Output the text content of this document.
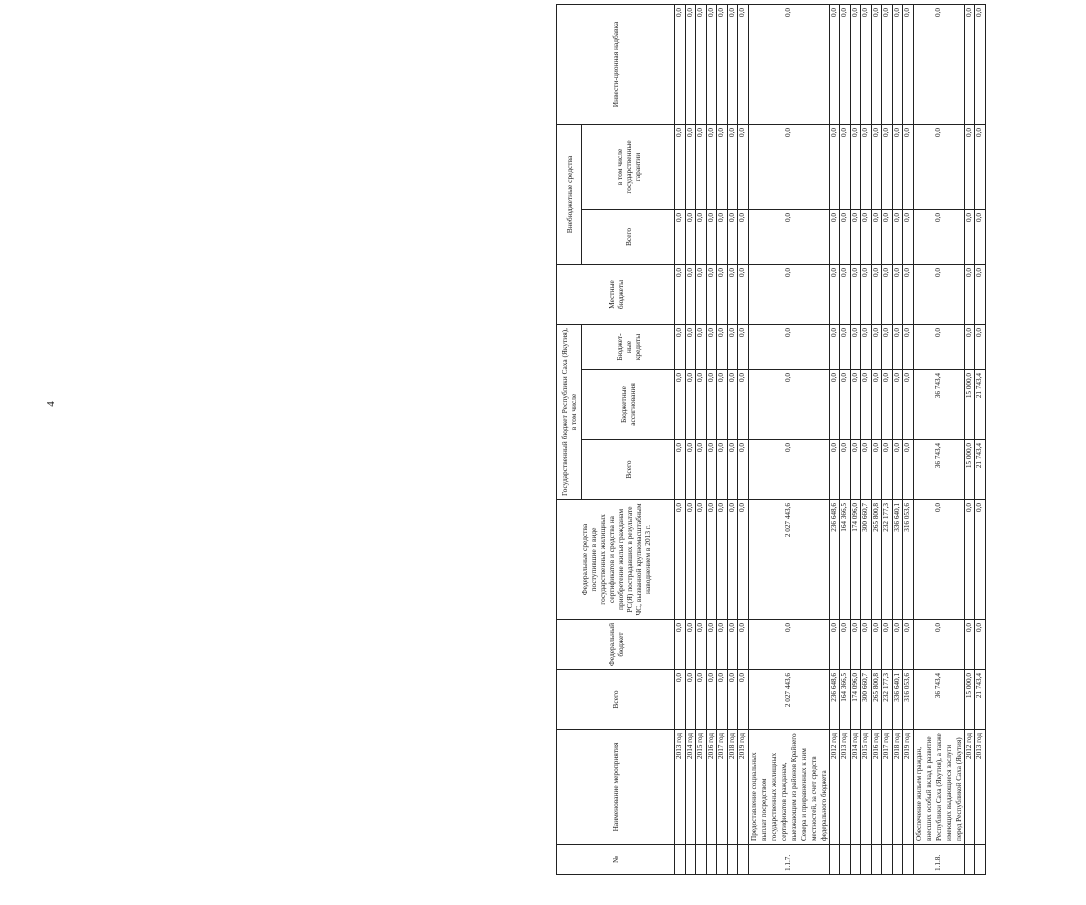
4
№	Наименование мероприятия	Всего	Федеральный бюджет	Федеральные средства поступившие в виде государственных жилищных сертификатов и средства на приобретение жилья гражданам РС(Я) пострадавших в результате ЧС, вызванной крупномасштабным наводнением в 2013 г.	Государственный бюджет Республики Саха (Якутия), в том числе			Местные бюджеты	Внебюджетные средства		Инвести-ционная надбавка
					Всего	Бюджетные ассигнования	Бюджет-ные кредиты		Всего	в том числе государственные гарантии	

	2013 год	0,0	0,0	0,0	0,0	0,0	0,0	0,0	0,0	0,0	0,0
	2014 год	0,0	0,0	0,0	0,0	0,0	0,0	0,0	0,0	0,0	0,0
	2015 год	0,0	0,0	0,0	0,0	0,0	0,0	0,0	0,0	0,0	0,0
	2016 год	0,0	0,0	0,0	0,0	0,0	0,0	0,0	0,0	0,0	0,0
	2017 год	0,0	0,0	0,0	0,0	0,0	0,0	0,0	0,0	0,0	0,0
	2018 год	0,0	0,0	0,0	0,0	0,0	0,0	0,0	0,0	0,0	0,0
	2019 год	0,0	0,0	0,0	0,0	0,0	0,0	0,0	0,0	0,0	0,0
1.1.7.	Предоставление социальных выплат посредством государственных жилищных сертификатов гражданам, выезжающим из районов Крайнего Севера и приравненных к ним местностей, за счет средств федерального бюджета	2 027 443,6	0,0	2 027 443,6	0,0	0,0	0,0	0,0	0,0	0,0	0,0
	2012 год	236 648,6	0,0	236 648,6	0,0	0,0	0,0	0,0	0,0	0,0	0,0
	2013 год	164 366,5	0,0	164 366,5	0,0	0,0	0,0	0,0	0,0	0,0	0,0
	2014 год	174 096,0	0,0	174 096,0	0,0	0,0	0,0	0,0	0,0	0,0	0,0
	2015 год	300 660,7	0,0	300 660,7	0,0	0,0	0,0	0,0	0,0	0,0	0,0
	2016 год	265 800,8	0,0	265 800,8	0,0	0,0	0,0	0,0	0,0	0,0	0,0
	2017 год	232 177,3	0,0	232 177,3	0,0	0,0	0,0	0,0	0,0	0,0	0,0
	2018 год	336 640,1	0,0	336 640,1	0,0	0,0	0,0	0,0	0,0	0,0	0,0
	2019 год	316 053,6	0,0	316 053,6	0,0	0,0	0,0	0,0	0,0	0,0	0,0
1.1.8.	Обеспечение жильем граждан, внесших особый вклад в развитие Республики Саха (Якутия), а также имеющих выдающиеся заслуги перед Республикой Саха (Якутия)	36 743,4	0,0	0,0	36 743,4	36 743,4	0,0	0,0	0,0	0,0	0,0
	2012 год	15 000,0	0,0	0,0	15 000,0	15 000,0	0,0	0,0	0,0	0,0	0,0
	2013 год	21 743,4	0,0	0,0	21 743,4	21 743,4	0,0	0,0	0,0	0,0	0,0
